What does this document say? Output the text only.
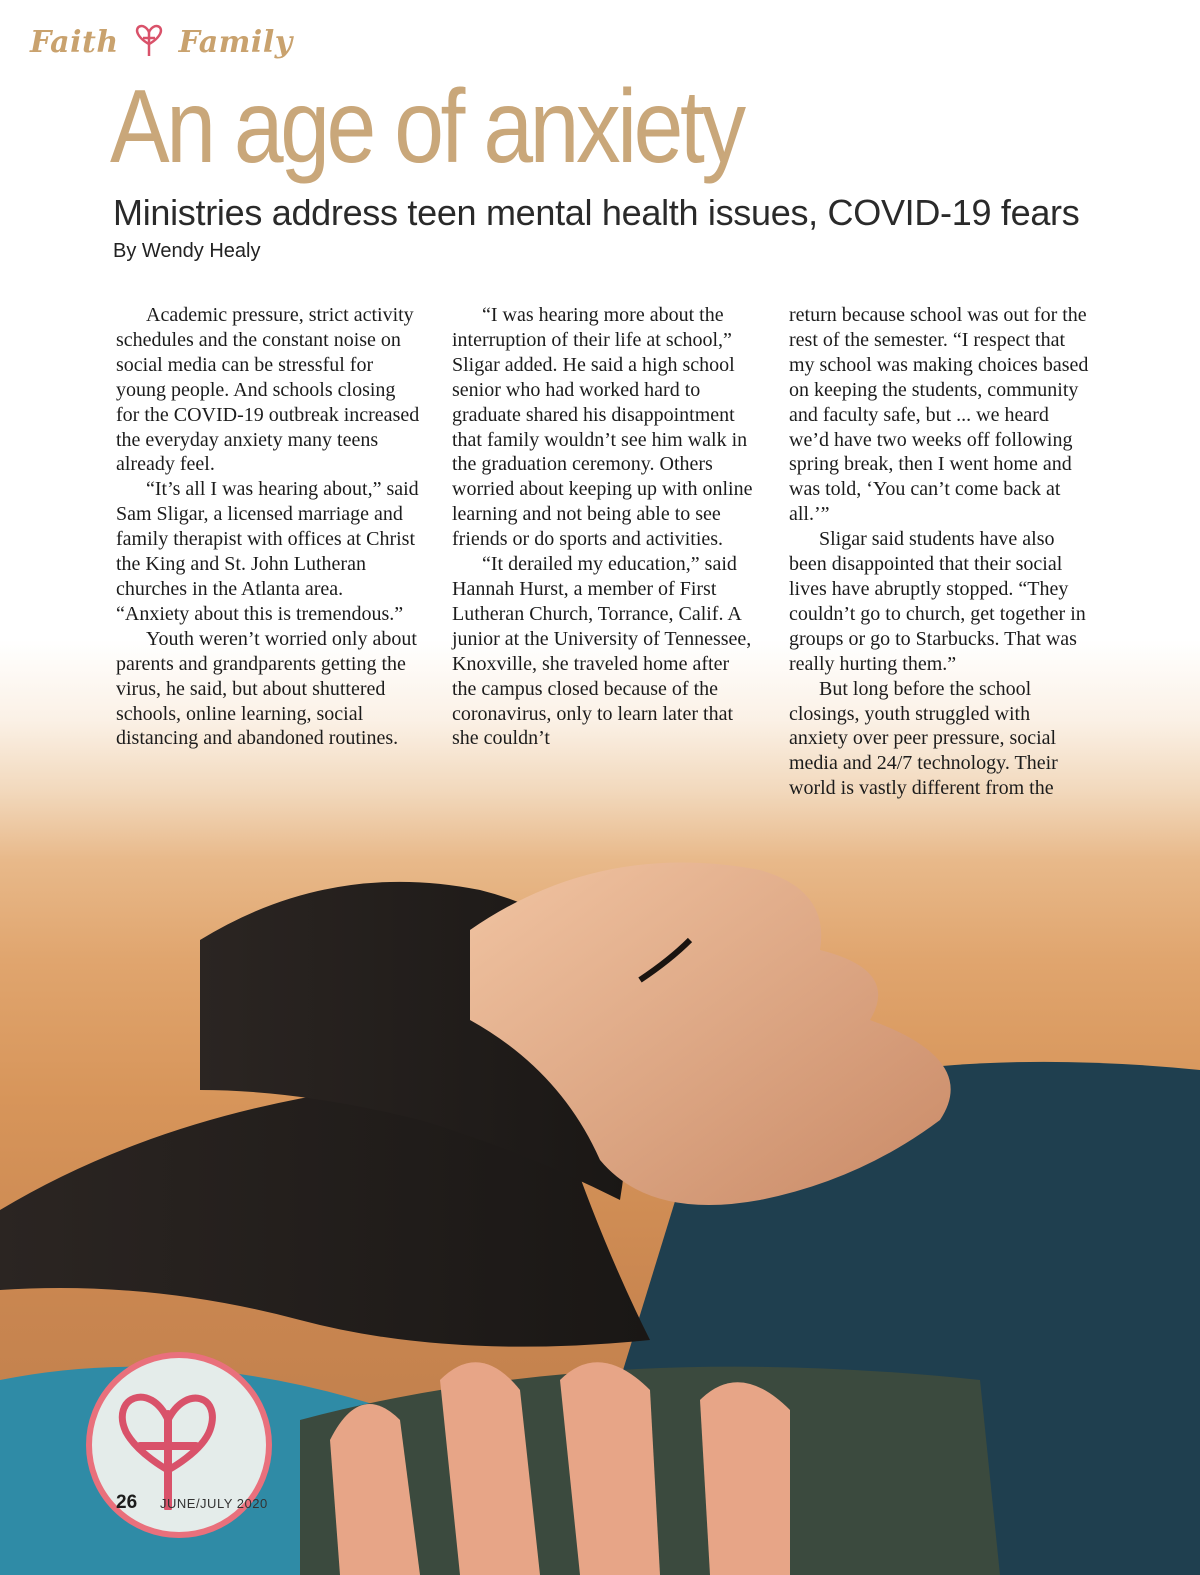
Faith Family
An age of anxiety
Ministries address teen mental health issues, COVID-19 fears
By Wendy Healy

Academic pressure, strict activity schedules and the constant noise on social media can be stressful for young people. And schools closing for the COVID-19 outbreak increased the everyday anxiety many teens already feel.

“It’s all I was hearing about,” said Sam Sligar, a licensed marriage and family therapist with offices at Christ the King and St. John Lutheran churches in the Atlanta area. “Anxiety about this is tremendous.”

Youth weren’t worried only about parents and grandparents getting the virus, he said, but about shuttered schools, online learning, social distancing and abandoned routines.

“I was hearing more about the interruption of their life at school,” Sligar added. He said a high school senior who had worked hard to graduate shared his disappointment that family wouldn’t see him walk in the graduation ceremony. Others worried about keeping up with online learning and not being able to see friends or do sports and activities.

“It derailed my education,” said Hannah Hurst, a member of First Lutheran Church, Torrance, Calif. A junior at the University of Tennessee, Knoxville, she traveled home after the campus closed because of the coronavirus, only to learn later that she couldn’t

return because school was out for the rest of the semester. “I respect that my school was making choices based on keeping the students, community and faculty safe, but ... we heard we’d have two weeks off following spring break, then I went home and was told, ‘You can’t come back at all.’”

Sligar said students have also been disappointed that their social lives have abruptly stopped. “They couldn’t go to church, get together in groups or go to Starbucks. That was really hurting them.”

But long before the school closings, youth struggled with anxiety over peer pressure, social media and 24/7 technology. Their world is vastly different from the

26 JUNE/JULY 2020
